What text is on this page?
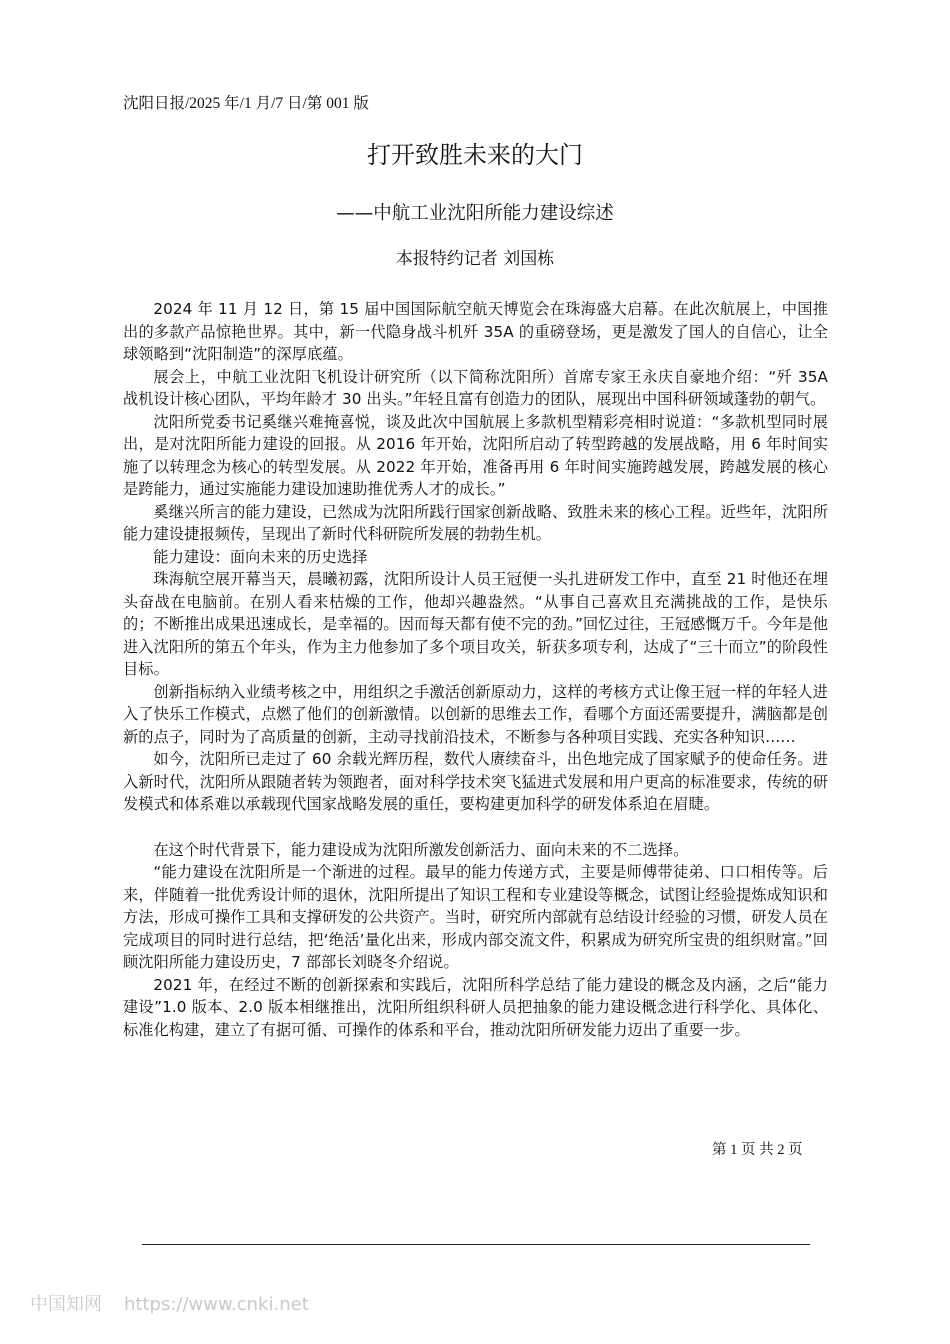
沈阳日报/2025 年/1 月/7 日/第 001 版
打开致胜未来的大门
——中航工业沈阳所能力建设综述
本报特约记者 刘国栋

2024 年 11 月 12 日，第 15 届中国国际航空航天博览会在珠海盛大启幕。在此次航展上，中国推出的多款产品惊艳世界。其中，新一代隐身战斗机歼 35A 的重磅登场，更是激发了国人的自信心，让全球领略到“沈阳制造”的深厚底蕴。

展会上，中航工业沈阳飞机设计研究所（以下简称沈阳所）首席专家王永庆自豪地介绍：“歼 35A 战机设计核心团队，平均年龄才 30 出头。”年轻且富有创造力的团队，展现出中国科研领域蓬勃的朝气。

沈阳所党委书记奚继兴难掩喜悦，谈及此次中国航展上多款机型精彩亮相时说道：“多款机型同时展出，是对沈阳所能力建设的回报。从 2016 年开始，沈阳所启动了转型跨越的发展战略，用 6 年时间实施了以转理念为核心的转型发展。从 2022 年开始，准备再用 6 年时间实施跨越发展，跨越发展的核心是跨能力，通过实施能力建设加速助推优秀人才的成长。”

奚继兴所言的能力建设，已然成为沈阳所践行国家创新战略、致胜未来的核心工程。近些年，沈阳所能力建设捷报频传，呈现出了新时代科研院所发展的勃勃生机。

能力建设：面向未来的历史选择

珠海航空展开幕当天，晨曦初露，沈阳所设计人员王冠便一头扎进研发工作中，直至 21 时他还在埋头奋战在电脑前。在别人看来枯燥的工作，他却兴趣盎然。“从事自己喜欢且充满挑战的工作，是快乐的；不断推出成果迅速成长，是幸福的。因而每天都有使不完的劲。”回忆过往，王冠感慨万千。今年是他进入沈阳所的第五个年头，作为主力他参加了多个项目攻关，斩获多项专利，达成了“三十而立”的阶段性目标。

创新指标纳入业绩考核之中，用组织之手激活创新原动力，这样的考核方式让像王冠一样的年轻人进入了快乐工作模式，点燃了他们的创新激情。以创新的思维去工作，看哪个方面还需要提升，满脑都是创新的点子，同时为了高质量的创新，主动寻找前沿技术，不断参与各种项目实践、充实各种知识……

如今，沈阳所已走过了 60 余载光辉历程，数代人赓续奋斗，出色地完成了国家赋予的使命任务。进入新时代，沈阳所从跟随者转为领跑者，面对科学技术突飞猛进式发展和用户更高的标准要求，传统的研发模式和体系难以承载现代国家战略发展的重任，要构建更加科学的研发体系迫在眉睫。

在这个时代背景下，能力建设成为沈阳所激发创新活力、面向未来的不二选择。

“能力建设在沈阳所是一个渐进的过程。最早的能力传递方式，主要是师傅带徒弟、口口相传等。后来，伴随着一批优秀设计师的退休，沈阳所提出了知识工程和专业建设等概念，试图让经验提炼成知识和方法，形成可操作工具和支撑研发的公共资产。当时，研究所内部就有总结设计经验的习惯，研发人员在完成项目的同时进行总结，把‘绝活’量化出来，形成内部交流文件，积累成为研究所宝贵的组织财富。”回顾沈阳所能力建设历史，7 部部长刘晓冬介绍说。

2021 年，在经过不断的创新探索和实践后，沈阳所科学总结了能力建设的概念及内涵，之后“能力建设”1.0 版本、2.0 版本相继推出，沈阳所组织科研人员把抽象的能力建设概念进行科学化、具体化、标准化构建，建立了有据可循、可操作的体系和平台，推动沈阳所研发能力迈出了重要一步。

第 1 页 共 2 页
中国知网 https://www.cnki.net
